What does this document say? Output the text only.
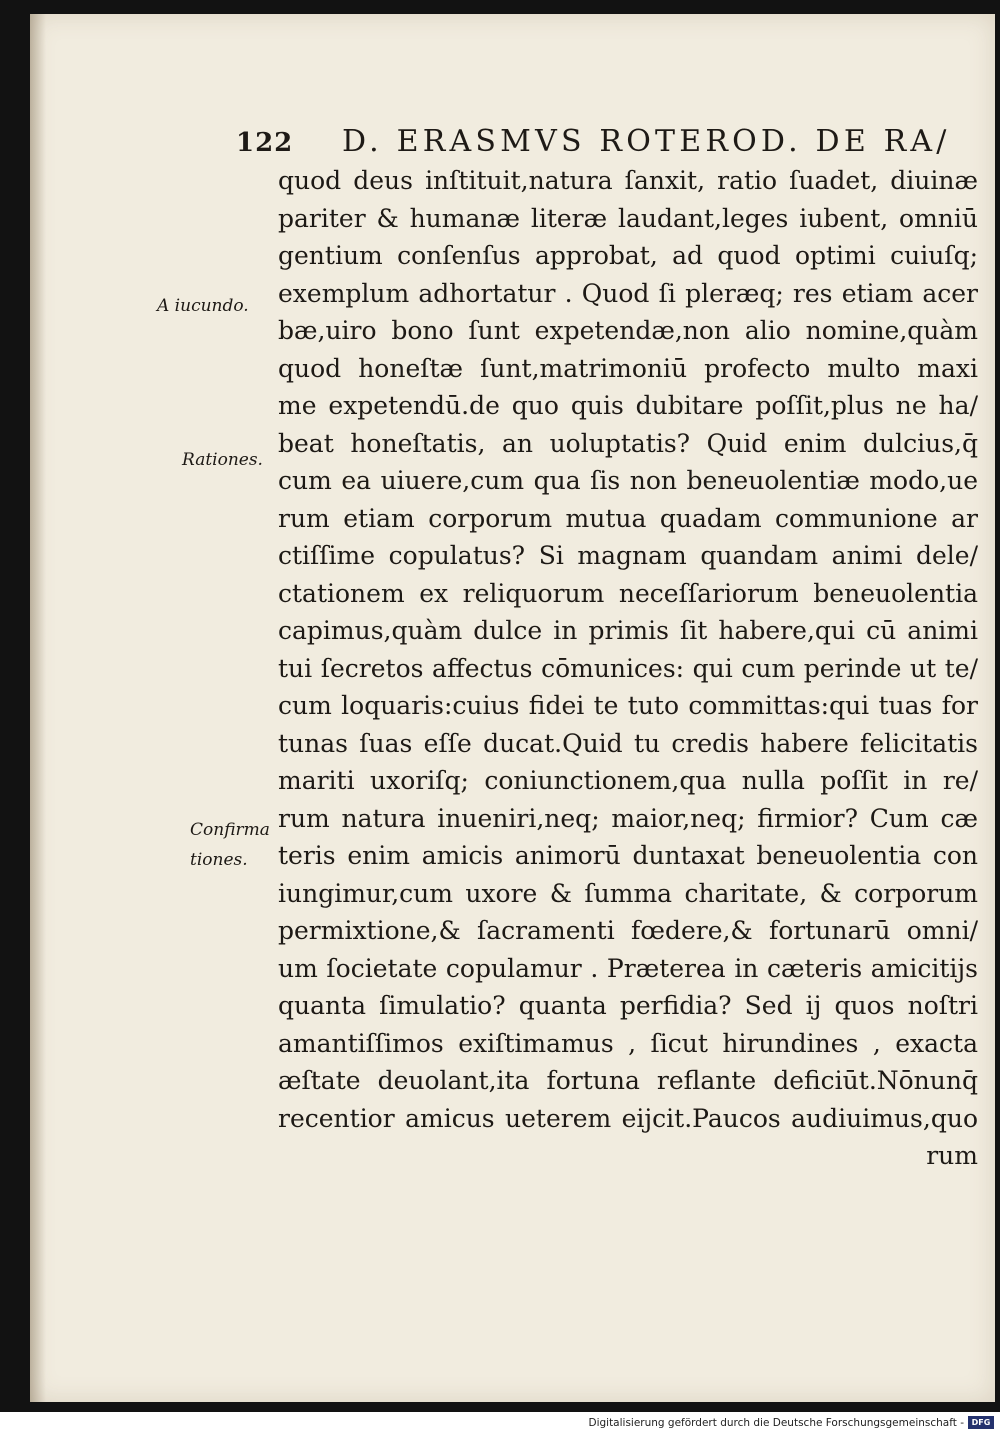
122 D. ERASMVS ROTEROD. DE RA/
A iucundo.
Rationes.
Confirma
tiones.
quod deus inſtituit,natura ſanxit, ratio ſuadet, diuinæ
pariter & humanæ literæ laudant,leges iubent, omniū
gentium conſenſus approbat, ad quod optimi cuiuſq;
exemplum adhortatur . Quod ſi pleræq; res etiam acer
bæ,uiro bono ſunt expetendæ,non alio nomine,quàm
quod honeſtæ ſunt,matrimoniū profecto multo maxi
me expetendū.de quo quis dubitare poſſit,plus ne ha/
beat honeſtatis, an uoluptatis? Quid enim dulcius,q̄
cum ea uiuere,cum qua ſis non beneuolentiæ modo,ue
rum etiam corporum mutua quadam communione ar
ctiſſime copulatus? Si magnam quandam animi dele/
ctationem ex reliquorum neceſſariorum beneuolentia
capimus,quàm dulce in primis ſit habere,qui cū animi
tui ſecretos affectus cōmunices: qui cum perinde ut te/
cum loquaris:cuius fidei te tuto committas:qui tuas for
tunas ſuas eſſe ducat.Quid tu credis habere felicitatis
mariti uxoriſq; coniunctionem,qua nulla poſſit in re/
rum natura inueniri,neq; maior,neq; firmior? Cum cæ
teris enim amicis animorū duntaxat beneuolentia con
iungimur,cum uxore & ſumma charitate, & corporum
permixtione,& ſacramenti fœdere,& fortunarū omni/
um ſocietate copulamur . Præterea in cæteris amicitijs
quanta ſimulatio? quanta perfidia? Sed ij quos noſtri
amantiſſimos exiſtimamus , ſicut hirundines , exacta
æſtate deuolant,ita fortuna reflante deficiūt.Nōnunq̄
recentior amicus ueterem eijcit.Paucos audiuimus,quo
rum
Digitalisierung gefördert durch die Deutsche Forschungsgemeinschaft - DFG
